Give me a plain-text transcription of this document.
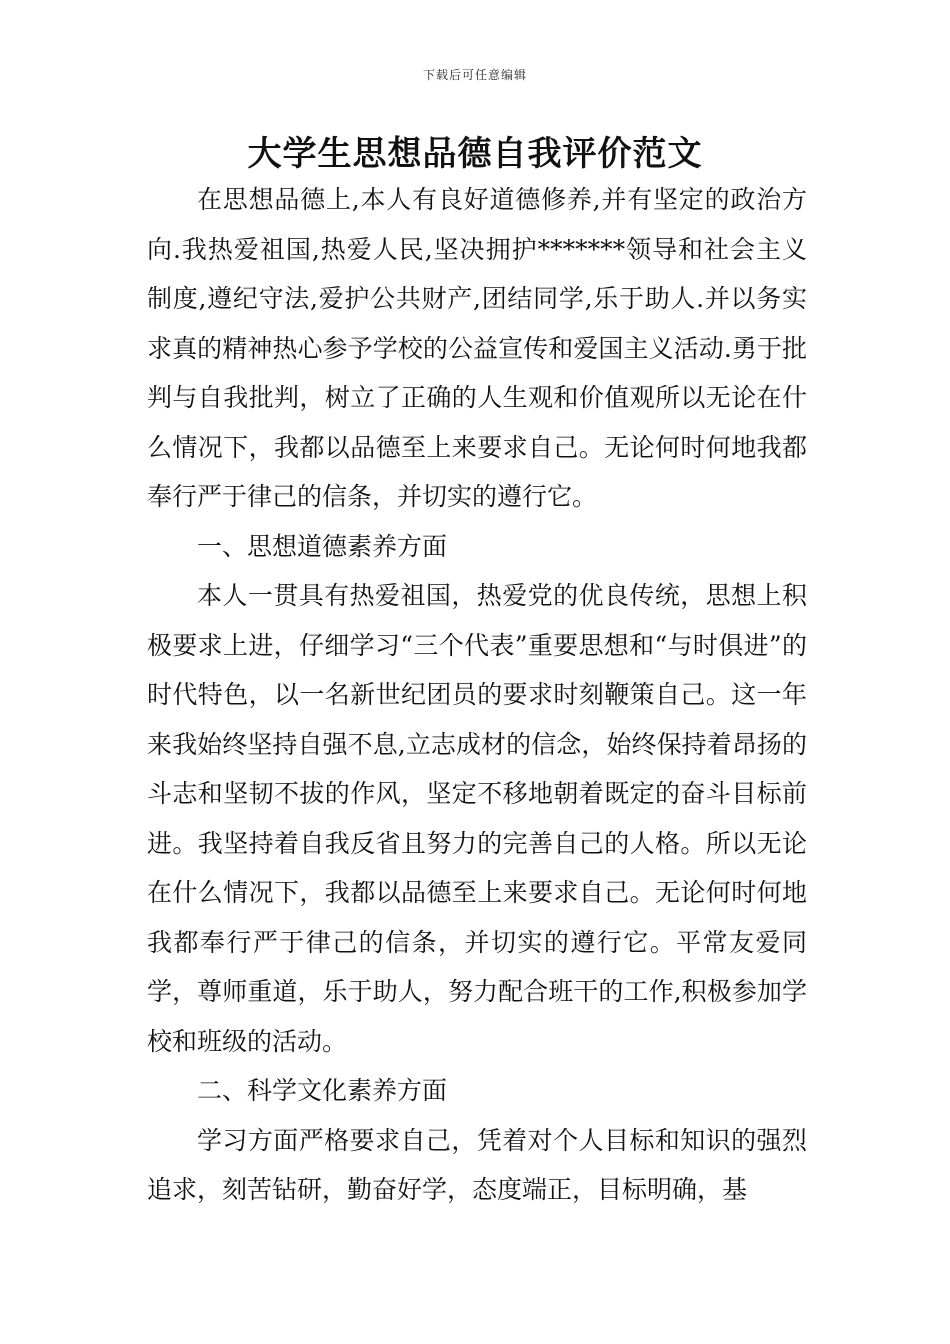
下载后可任意编辑
大学生思想品德自我评价范文

在思想品德上,本人有良好道德修养,并有坚定的政治方向.我热爱祖国,热爱人民,坚决拥护*******领导和社会主义制度,遵纪守法,爱护公共财产,团结同学,乐于助人.并以务实求真的精神热心参予学校的公益宣传和爱国主义活动.勇于批判与自我批判，树立了正确的人生观和价值观所以无论在什么情况下，我都以品德至上来要求自己。无论何时何地我都奉行严于律己的信条，并切实的遵行它。

一、思想道德素养方面

本人一贯具有热爱祖国，热爱党的优良传统，思想上积极要求上进，仔细学习“三个代表”重要思想和“与时俱进”的时代特色，以一名新世纪团员的要求时刻鞭策自己。这一年来我始终坚持自强不息,立志成材的信念，始终保持着昂扬的斗志和坚韧不拔的作风，坚定不移地朝着既定的奋斗目标前进。我坚持着自我反省且努力的完善自己的人格。所以无论在什么情况下，我都以品德至上来要求自己。无论何时何地我都奉行严于律己的信条，并切实的遵行它。平常友爱同学，尊师重道，乐于助人，努力配合班干的工作,积极参加学校和班级的活动。

二、科学文化素养方面

学习方面严格要求自己，凭着对个人目标和知识的强烈追求，刻苦钻研，勤奋好学，态度端正，目标明确，基
